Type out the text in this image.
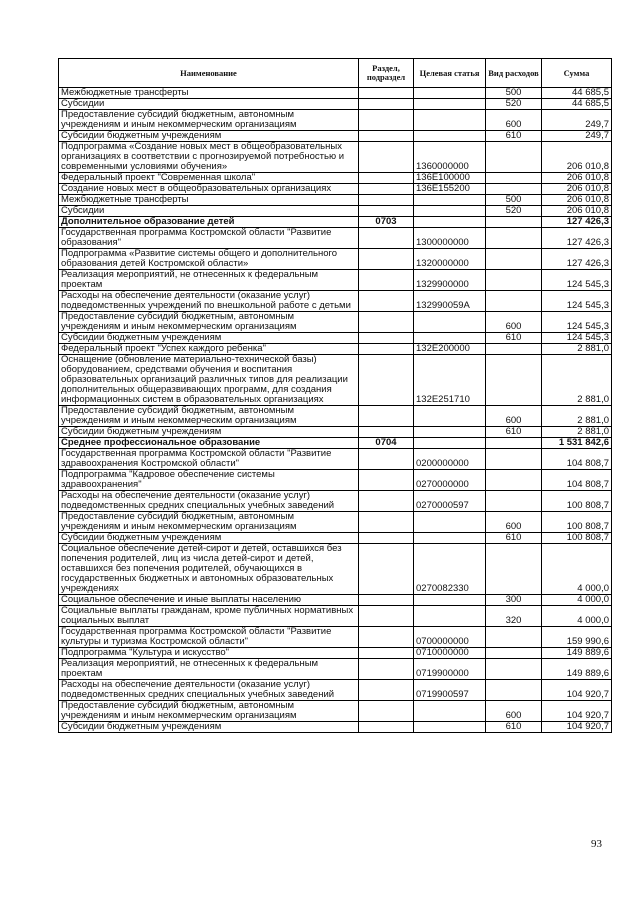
Наименование	Раздел, подраздел	Целевая статья	Вид расходов	Сумма
Межбюджетные трансферты			500	44 685,5
Субсидии			520	44 685,5
Предоставление субсидий бюджетным, автономным учреждениям и иным некоммерческим организациям			600	249,7
Субсидии бюджетным учреждениям			610	249,7
Подпрограмма «Создание новых мест в общеобразовательных организациях в соответствии с прогнозируемой потребностью и современными условиями обучения»		1360000000		206 010,8
Федеральный проект "Современная школа"		136E100000		206 010,8
Создание новых мест в общеобразовательных организациях		136E155200		206 010,8
Межбюджетные трансферты			500	206 010,8
Субсидии			520	206 010,8
Дополнительное образование детей	0703			127 426,3
Государственная программа Костромской области "Развитие образования"		1300000000		127 426,3
Подпрограмма «Развитие системы общего и дополнительного образования детей Костромской области»		1320000000		127 426,3
Реализация мероприятий, не отнесенных к федеральным проектам		1329900000		124 545,3
Расходы на обеспечение деятельности (оказание услуг) подведомственных учреждений по внешкольной работе с детьми		132990059А		124 545,3
Предоставление субсидий бюджетным, автономным учреждениям и иным некоммерческим организациям			600	124 545,3
Субсидии бюджетным учреждениям			610	124 545,3
Федеральный проект "Успех каждого ребенка"		132E200000		2 881,0
Оснащение (обновление материально-технической базы) оборудованием, средствами обучения и воспитания образовательных организаций различных типов для реализации дополнительных общеразвивающих программ, для создания информационных систем в образовательных организациях		132E251710		2 881,0
Предоставление субсидий бюджетным, автономным учреждениям и иным некоммерческим организациям			600	2 881,0
Субсидии бюджетным учреждениям			610	2 881,0
Среднее профессиональное образование	0704			1 531 842,6
Государственная программа Костромской области "Развитие здравоохранения Костромской области"		0200000000		104 808,7
Подпрограмма "Кадровое обеспечение системы здравоохранения"		0270000000		104 808,7
Расходы на обеспечение деятельности (оказание услуг) подведомственных средних специальных учебных заведений		0270000597		100 808,7
Предоставление субсидий бюджетным, автономным учреждениям и иным некоммерческим организациям			600	100 808,7
Субсидии бюджетным учреждениям			610	100 808,7
Социальное обеспечение детей-сирот и детей, оставшихся без попечения родителей, лиц из числа детей-сирот и детей, оставшихся без попечения родителей, обучающихся в государственных бюджетных и автономных образовательных учреждениях		0270082330		4 000,0
Социальное обеспечение и иные выплаты населению			300	4 000,0
Социальные выплаты гражданам, кроме публичных нормативных социальных выплат			320	4 000,0
Государственная программа Костромской области "Развитие культуры и туризма Костромской области"		0700000000		159 990,6
Подпрограмма "Культура и искусство"		0710000000		149 889,6
Реализация мероприятий, не отнесенных к федеральным проектам		0719900000		149 889,6
Расходы на обеспечение деятельности (оказание услуг) подведомственных средних специальных учебных заведений		0719900597		104 920,7
Предоставление субсидий бюджетным, автономным учреждениям и иным некоммерческим организациям			600	104 920,7
Субсидии бюджетным учреждениям			610	104 920,7
93
